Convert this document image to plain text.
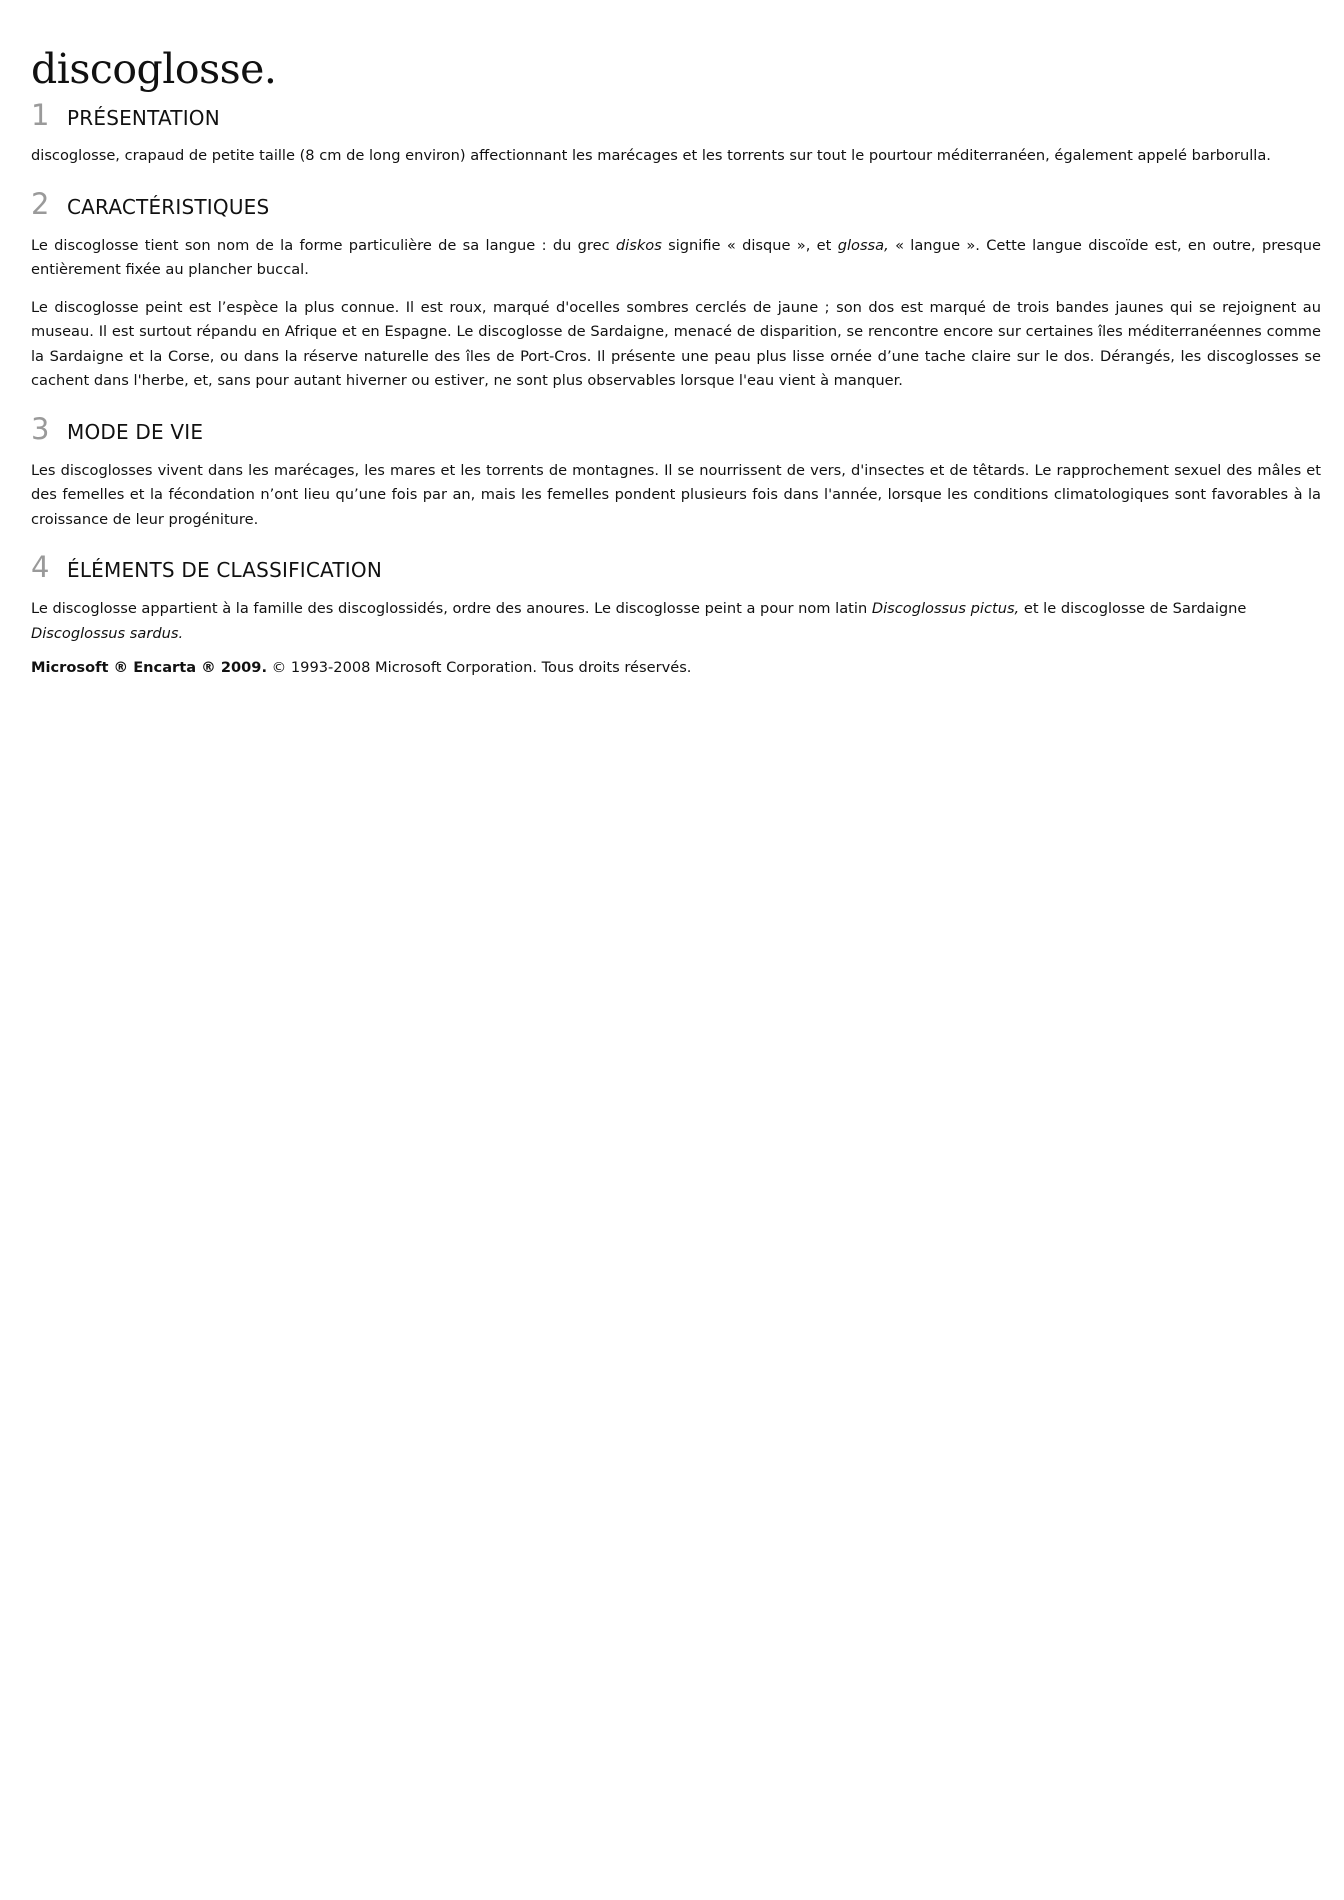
discoglosse.
1 PRÉSENTATION

discoglosse, crapaud de petite taille (8 cm de long environ) affectionnant les marécages et les torrents sur tout le pourtour méditerranéen, également appelé barborulla.

2 CARACTÉRISTIQUES

Le discoglosse tient son nom de la forme particulière de sa langue : du grec diskos signifie « disque », et glossa, « langue ». Cette langue discoïde est, en outre, presque entièrement fixée au plancher buccal.

Le discoglosse peint est l’espèce la plus connue. Il est roux, marqué d'ocelles sombres cerclés de jaune ; son dos est marqué de trois bandes jaunes qui se rejoignent au museau. Il est surtout répandu en Afrique et en Espagne. Le discoglosse de Sardaigne, menacé de disparition, se rencontre encore sur certaines îles méditerranéennes comme la Sardaigne et la Corse, ou dans la réserve naturelle des îles de Port-Cros. Il présente une peau plus lisse ornée d’une tache claire sur le dos. Dérangés, les discoglosses se cachent dans l'herbe, et, sans pour autant hiverner ou estiver, ne sont plus observables lorsque l'eau vient à manquer.

3 MODE DE VIE

Les discoglosses vivent dans les marécages, les mares et les torrents de montagnes. Il se nourrissent de vers, d'insectes et de têtards. Le rapprochement sexuel des mâles et des femelles et la fécondation n’ont lieu qu’une fois par an, mais les femelles pondent plusieurs fois dans l'année, lorsque les conditions climatologiques sont favorables à la croissance de leur progéniture.

4 ÉLÉMENTS DE CLASSIFICATION

Le discoglosse appartient à la famille des discoglossidés, ordre des anoures. Le discoglosse peint a pour nom latin Discoglossus pictus, et le discoglosse de Sardaigne Discoglossus sardus.

Microsoft ® Encarta ® 2009. © 1993-2008 Microsoft Corporation. Tous droits réservés.
